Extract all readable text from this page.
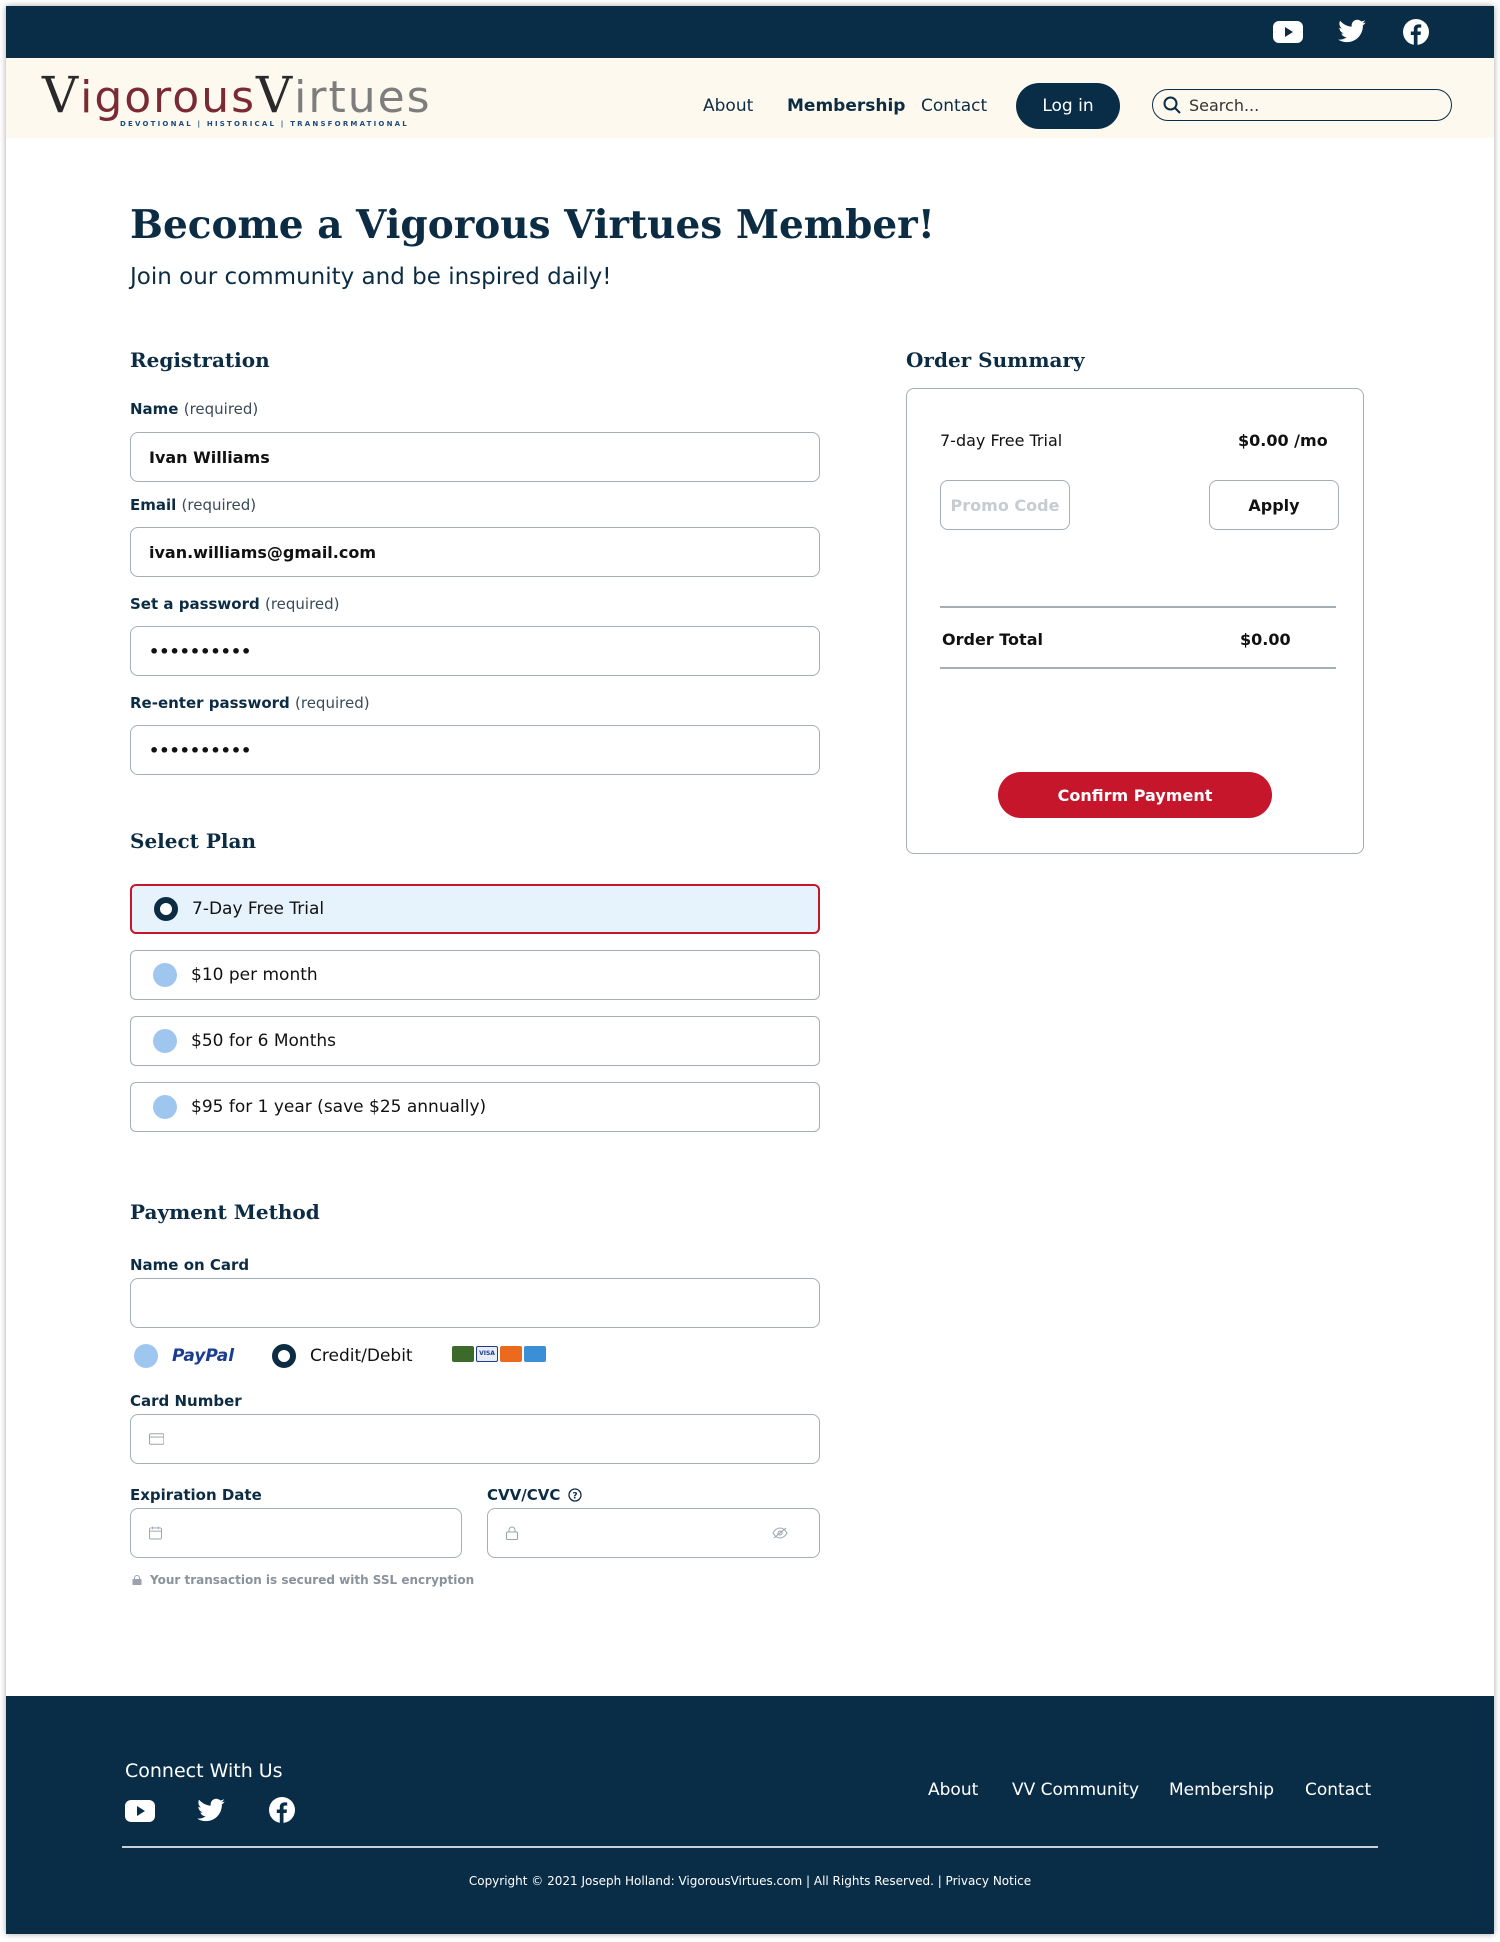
VigorousVirtues
DEVOTIONAL | HISTORICAL | TRANSFORMATIONAL
About Membership Contact	Log in
Search...
Become a Vigorous Virtues Member!
Join our community and be inspired daily!
Registration
Name (required)
Ivan Williams
Email (required)
ivan.williams@gmail.com
Set a password (required)
••••••••••
Re-enter password (required)
••••••••••
Select Plan
7-Day Free Trial
$10 per month
$50 for 6 Months
$95 for 1 year (save $25 annually)
Payment Method
Name on Card
PayPal	Credit/Debit	VISA
Card Number
Expiration Date	CVV/CVC ?
Your transaction is secured with SSL encryption
Order Summary
7-day Free Trial	$0.00 /mo
Promo Code
Apply
Order Total	$0.00
Confirm Payment
Connect With Us
About VV Community Membership Contact
Copyright © 2021 Joseph Holland: VigorousVirtues.com | All Rights Reserved. | Privacy Notice
